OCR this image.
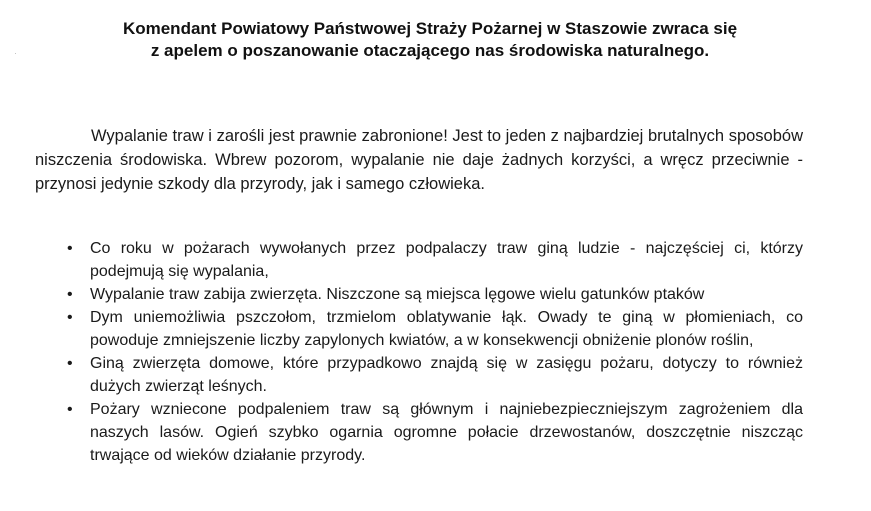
Komendant Powiatowy Państwowej Straży Pożarnej w Staszowie zwraca się
z apelem o poszanowanie otaczającego nas środowiska naturalnego.

Wypalanie traw i zarośli jest prawnie zabronione! Jest to jeden z najbardziej brutalnych sposobów niszczenia środowiska. Wbrew pozorom, wypalanie nie daje żadnych korzyści, a wręcz przeciwnie - przynosi jedynie szkody dla przyrody, jak i samego człowieka.

• Co roku w pożarach wywołanych przez podpalaczy traw giną ludzie - najczęściej ci, którzy podejmują się wypalania,
• Wypalanie traw zabija zwierzęta. Niszczone są miejsca lęgowe wielu gatunków ptaków
• Dym uniemożliwia pszczołom, trzmielom oblatywanie łąk. Owady te giną w płomieniach, co powoduje zmniejszenie liczby zapylonych kwiatów, a w konsekwencji obniżenie plonów roślin,
• Giną zwierzęta domowe, które przypadkowo znajdą się w zasięgu pożaru, dotyczy to również dużych zwierząt leśnych.
• Pożary wzniecone podpaleniem traw są głównym i najniebezpieczniejszym zagrożeniem dla naszych lasów. Ogień szybko ogarnia ogromne połacie drzewostanów, doszczętnie niszcząc trwające od wieków działanie przyrody.
·
